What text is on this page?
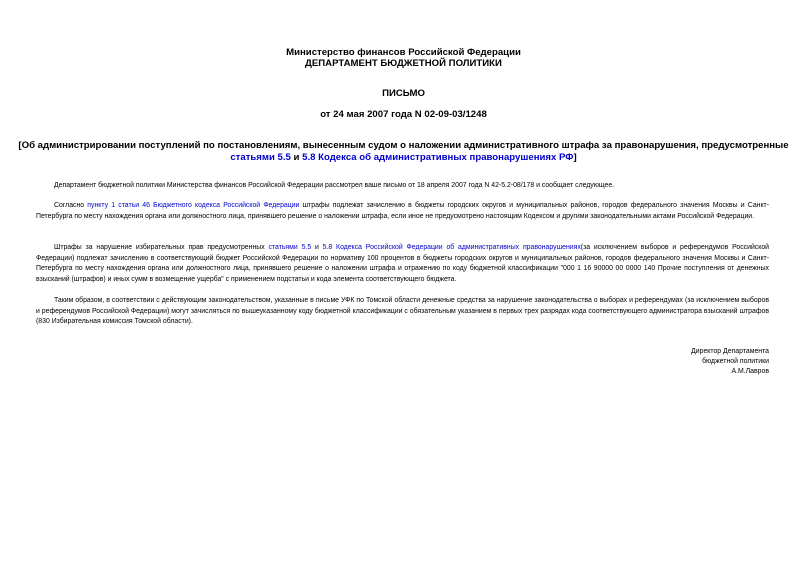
Министерство финансов Российской Федерации
ДЕПАРТАМЕНТ БЮДЖЕТНОЙ ПОЛИТИКИ
ПИСЬМО
от 24 мая 2007 года N 02-09-03/1248
[Об администрировании поступлений по постановлениям, вынесенным судом о наложении административного штрафа за правонарушения, предусмотренные
статьями 5.5 и 5.8 Кодекса об административных правонарушениях РФ]
Департамент бюджетной политики Министерства финансов Российской Федерации рассмотрел ваше письмо от 18 апреля 2007 года N 42-5.2-08/178 и сообщает следующее.
Согласно пункту 1 статьи 46 Бюджетного кодекса Российской Федерации штрафы подлежат зачислению в бюджеты городских округов и муниципальных районов, городов федерального значения Москвы и Санкт-Петербурга по месту нахождения органа или должностного лица, принявшего решение о наложении штрафа, если иное не предусмотрено настоящим Кодексом и другими законодательными актами Российской Федерации.
Штрафы за нарушение избирательных прав предусмотренных статьями 5.5 и 5.8 Кодекса Российской Федерации об административных правонарушениях(за исключением выборов и референдумов Российской Федерации) подлежат зачислению в соответствующий бюджет Российской Федерации по нормативу 100 процентов в бюджеты городских округов и муниципальных районов, городов федерального значения Москвы и Санкт-Петербурга по месту нахождения органа или должностного лица, принявшего решение о наложении штрафа и отражению по коду бюджетной классификации "000 1 16 90000 00 0000 140 Прочие поступления от денежных взысканий (штрафов) и иных сумм в возмещение ущерба" с применением подстатьи и кода элемента соответствующего бюджета.
Таким образом, в соответствии с действующим законодательством, указанные в письме УФК по Томской области денежные средства за нарушение законодательства о выборах и референдумах (за исключением выборов и референдумов Российской Федерации) могут зачисляться по вышеуказанному коду бюджетной классификации с обязательным указанием в первых трех разрядах кода соответствующего администратора взысканий штрафов (830 Избирательная комиссия Томской области).
Директор Департамента
бюджетной политики
А.М.Лавров
